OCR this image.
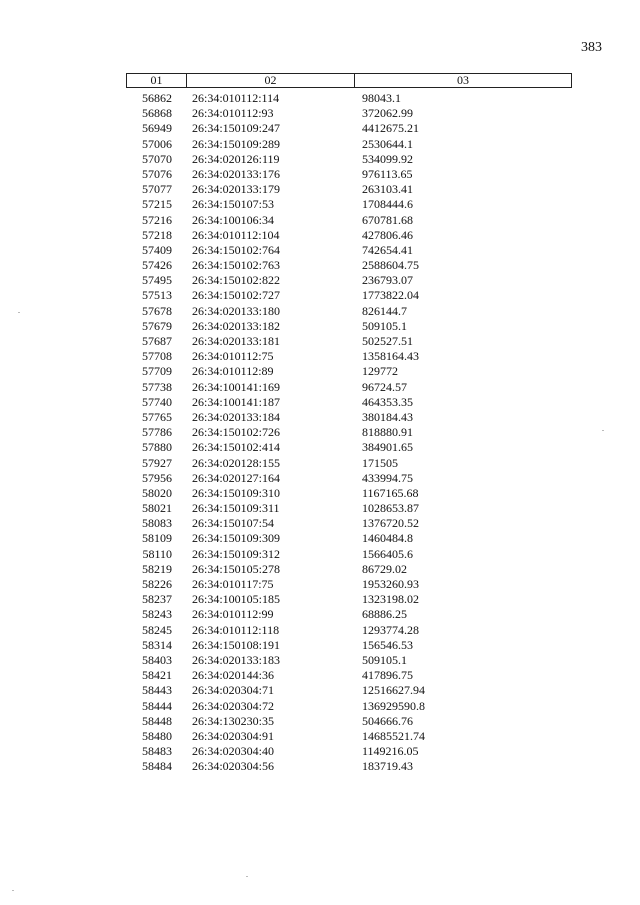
383
01	02	03
56862	26:34:010112:114	98043.1
56868	26:34:010112:93	372062.99
56949	26:34:150109:247	4412675.21
57006	26:34:150109:289	2530644.1
57070	26:34:020126:119	534099.92
57076	26:34:020133:176	976113.65
57077	26:34:020133:179	263103.41
57215	26:34:150107:53	1708444.6
57216	26:34:100106:34	670781.68
57218	26:34:010112:104	427806.46
57409	26:34:150102:764	742654.41
57426	26:34:150102:763	2588604.75
57495	26:34:150102:822	236793.07
57513	26:34:150102:727	1773822.04
57678	26:34:020133:180	826144.7
57679	26:34:020133:182	509105.1
57687	26:34:020133:181	502527.51
57708	26:34:010112:75	1358164.43
57709	26:34:010112:89	129772
57738	26:34:100141:169	96724.57
57740	26:34:100141:187	464353.35
57765	26:34:020133:184	380184.43
57786	26:34:150102:726	818880.91
57880	26:34:150102:414	384901.65
57927	26:34:020128:155	171505
57956	26:34:020127:164	433994.75
58020	26:34:150109:310	1167165.68
58021	26:34:150109:311	1028653.87
58083	26:34:150107:54	1376720.52
58109	26:34:150109:309	1460484.8
58110	26:34:150109:312	1566405.6
58219	26:34:150105:278	86729.02
58226	26:34:010117:75	1953260.93
58237	26:34:100105:185	1323198.02
58243	26:34:010112:99	68886.25
58245	26:34:010112:118	1293774.28
58314	26:34:150108:191	156546.53
58403	26:34:020133:183	509105.1
58421	26:34:020144:36	417896.75
58443	26:34:020304:71	12516627.94
58444	26:34:020304:72	136929590.8
58448	26:34:130230:35	504666.76
58480	26:34:020304:91	14685521.74
58483	26:34:020304:40	1149216.05
58484	26:34:020304:56	183719.43
